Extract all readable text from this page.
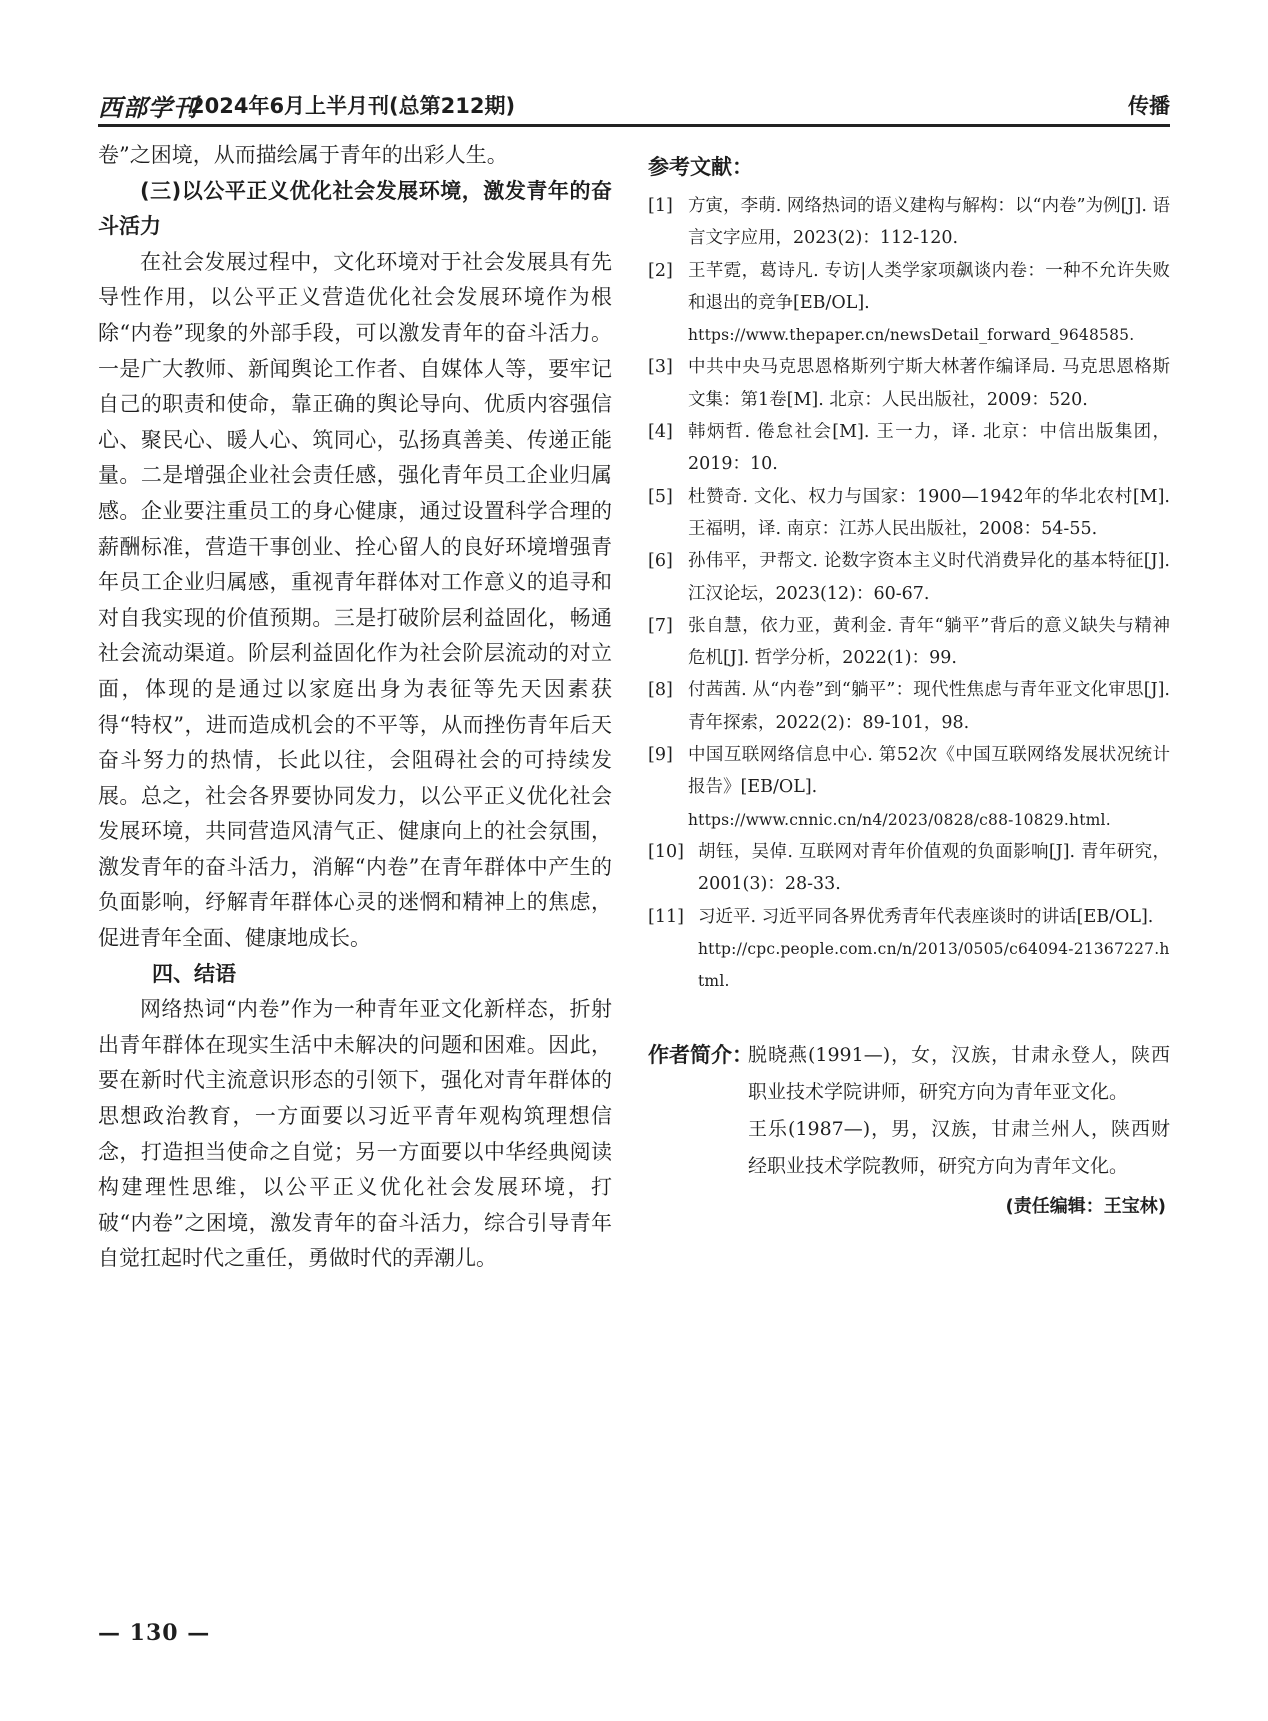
西部学刊
2024年6月上半月刊(总第212期)	传播

卷”之困境，从而描绘属于青年的出彩人生。

(三)以公平正义优化社会发展环境，激发青年的奋斗活力

在社会发展过程中，文化环境对于社会发展具有先导性作用，以公平正义营造优化社会发展环境作为根除“内卷”现象的外部手段，可以激发青年的奋斗活力。一是广大教师、新闻舆论工作者、自媒体人等，要牢记自己的职责和使命，靠正确的舆论导向、优质内容强信心、聚民心、暖人心、筑同心，弘扬真善美、传递正能量。二是增强企业社会责任感，强化青年员工企业归属感。企业要注重员工的身心健康，通过设置科学合理的薪酬标准，营造干事创业、拴心留人的良好环境增强青年员工企业归属感，重视青年群体对工作意义的追寻和对自我实现的价值预期。三是打破阶层利益固化，畅通社会流动渠道。阶层利益固化作为社会阶层流动的对立面，体现的是通过以家庭出身为表征等先天因素获得“特权”，进而造成机会的不平等，从而挫伤青年后天奋斗努力的热情，长此以往，会阻碍社会的可持续发展。总之，社会各界要协同发力，以公平正义优化社会发展环境，共同营造风清气正、健康向上的社会氛围，激发青年的奋斗活力，消解“内卷”在青年群体中产生的负面影响，纾解青年群体心灵的迷惘和精神上的焦虑，促进青年全面、健康地成长。

四、结语

网络热词“内卷”作为一种青年亚文化新样态，折射出青年群体在现实生活中未解决的问题和困难。因此，要在新时代主流意识形态的引领下，强化对青年群体的思想政治教育，一方面要以习近平青年观构筑理想信念，打造担当使命之自觉；另一方面要以中华经典阅读构建理性思维，以公平正义优化社会发展环境，打破“内卷”之困境，激发青年的奋斗活力，综合引导青年自觉扛起时代之重任，勇做时代的弄潮儿。

参考文献：
[1] 方寅，李萌. 网络热词的语义建构与解构：以“内卷”为例[J]. 语言文字应用，2023(2)：112-120.
[2] 王芊霓，葛诗凡. 专访|人类学家项飙谈内卷：一种不允许失败和退出的竞争[EB/OL].
https://www.thepaper.cn/newsDetail_forward_9648585.
[3] 中共中央马克思恩格斯列宁斯大林著作编译局. 马克思恩格斯文集：第1卷[M]. 北京：人民出版社，2009：520.
[4] 韩炳哲. 倦怠社会[M]. 王一力，译. 北京：中信出版集团，2019：10.
[5] 杜赞奇. 文化、权力与国家：1900—1942年的华北农村[M]. 王福明，译. 南京：江苏人民出版社，2008：54-55.
[6] 孙伟平，尹帮文. 论数字资本主义时代消费异化的基本特征[J]. 江汉论坛，2023(12)：60-67.
[7] 张自慧，依力亚，黄利金. 青年“躺平”背后的意义缺失与精神危机[J]. 哲学分析，2022(1)：99.
[8] 付茜茜. 从“内卷”到“躺平”：现代性焦虑与青年亚文化审思[J]. 青年探索，2022(2)：89-101，98.
[9] 中国互联网络信息中心. 第52次《中国互联网络发展状况统计报告》[EB/OL].
https://www.cnnic.cn/n4/2023/0828/c88-10829.html.
[10] 胡钰，吴倬. 互联网对青年价值观的负面影响[J]. 青年研究，2001(3)：28-33.
[11] 习近平. 习近平同各界优秀青年代表座谈时的讲话[EB/OL].
http://cpc.people.com.cn/n/2013/0505/c64094-21367227.html.
作者简介：

脱晓燕(1991—)，女，汉族，甘肃永登人，陕西职业技术学院讲师，研究方向为青年亚文化。

王乐(1987—)，男，汉族，甘肃兰州人，陕西财经职业技术学院教师，研究方向为青年文化。

(责任编辑：王宝林)
— 130 —
